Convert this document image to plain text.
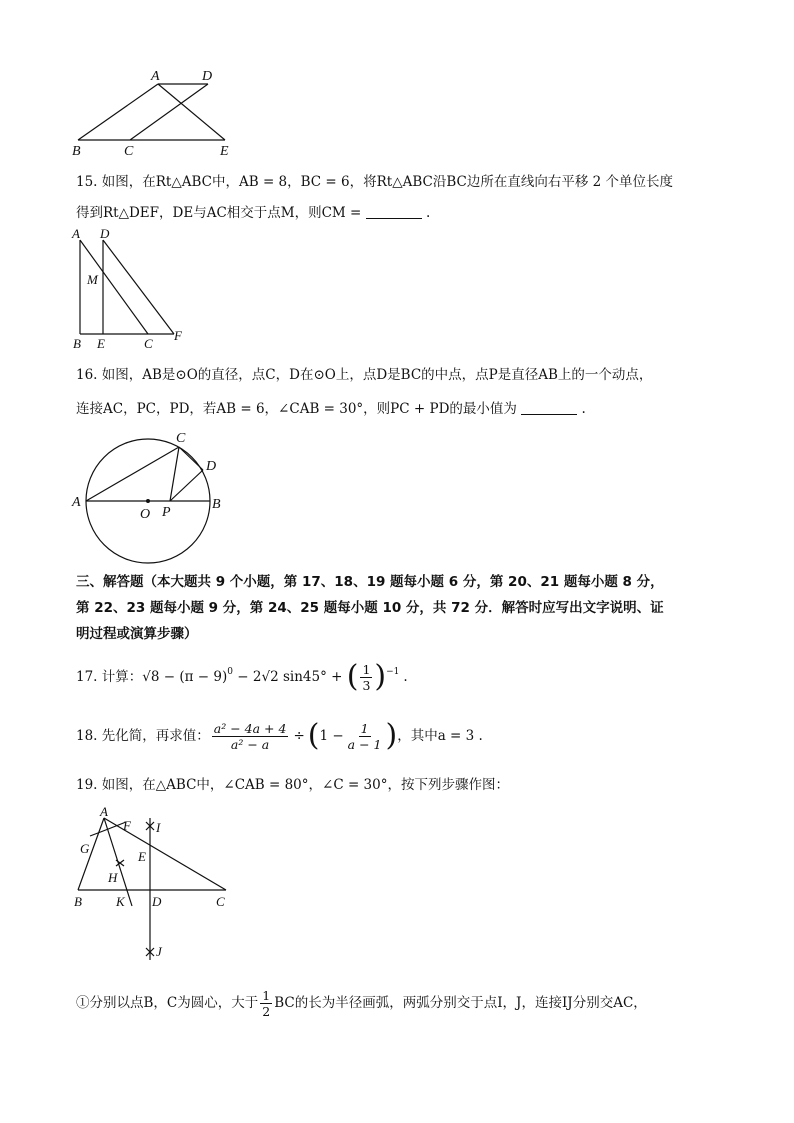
A	D
B	C	E
15. 如图，在Rt△ABC中，AB = 8，BC = 6，将Rt△ABC沿BC边所在直线向右平移 2 个单位长度
得到Rt△DEF，DE与AC相交于点M，则CM =	.
A D
M
B E	C
F
16. 如图，AB是⊙O的直径，点C，D在⊙O上，点D是BC的中点，点P是直径AB上的一个动点，
连接AC，PC，PD，若AB = 6，∠CAB = 30°，则PC + PD的最小值为	.
A	B
C
D
O P
三、解答题（本大题共 9 个小题，第 17、18、19 题每小题 6 分，第 20、21 题每小题 8 分，
第 22、23 题每小题 9 分，第 24、25 题每小题 10 分，共 72 分．解答时应写出文字说明、证
明过程或演算步骤）
17. 计算： $√8 - (\pi - 9)^0 - 2√2$ sin45° + ( $\frac{1}{3} )^{-1}$ .
18. 先化简，再求值： $\frac{\text{a² − 4a + 4}}{\text{a² − a}}$ ÷ ( $1 - \frac{1}{a - 1}$ ) ，其中a = 3 .
19. 如图，在△ABC中，∠CAB = 80°，∠C = 30°，按下列步骤作图：
A
F I
G
E
H
B	K D	C
J
①分别以点B，C为圆心，大于 $\frac{1}{2}$ BC的长为半径画弧，两弧分别交于点I，J，连接IJ分别交AC，
